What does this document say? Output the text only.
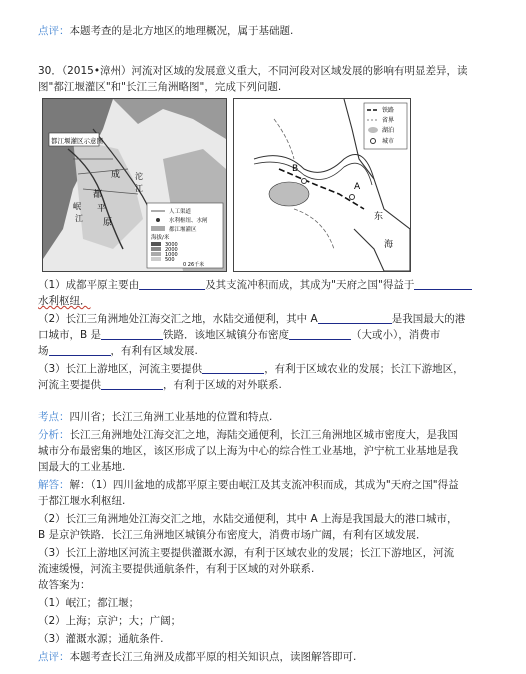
点评：本题考查的是北方地区的地理概况，属于基础题.
30．（2015•漳州）河流对区域的发展意义重大，不同河段对区域发展的影响有明显差异，读
图"都江堰灌区"和"长江三角洲略图"，完成下列问题.
都江堰灌区示意图
成
都
平
原
岷
江
沱
江
人工渠道
水利枢纽、水闸
都江堰灌区
海拔/米
3000
2000
1000
500
0 26千米
B
A
东
海
铁路
省界
湖泊
城市
（1）成都平原主要由	及其支流冲积而成，其成为"天府之国"得益于
水利枢纽．
（2）长江三角洲地处江海交汇之地，水陆交通便利，其中 A	是我国最大的港
口城市，B 是	铁路．该地区城镇分布密度	（大或小），消费市
场	，有利有区域发展.
（3）长江上游地区，河流主要提供	，有利于区域农业的发展；长江下游地区，
河流主要提供	，有利于区域的对外联系.
考点：四川省；长江三角洲工业基地的位置和特点.
分析：长江三角洲地处江海交汇之地，海陆交通便利，长江三角洲地区城市密度大，是我国
城市分布最密集的地区，该区形成了以上海为中心的综合性工业基地，沪宁杭工业基地是我
国最大的工业基地.
解答：解：（1）四川盆地的成都平原主要由岷江及其支流冲积而成，其成为"天府之国"得益
于都江堰水利枢纽.
（2）长江三角洲地处江海交汇之地，水陆交通便利，其中 A 上海是我国最大的港口城市，
B 是京沪铁路．长江三角洲地区城镇分布密度大，消费市场广阔，有利有区域发展．
（3）长江上游地区河流主要提供灌溉水源，有利于区域农业的发展；长江下游地区，河流
流速缓慢，河流主要提供通航条件，有利于区域的对外联系.
故答案为：
（1）岷江；都江堰；
（2）上海；京沪；大；广阔；
（3）灌溉水源；通航条件.
点评：本题考查长江三角洲及成都平原的相关知识点，读图解答即可.
